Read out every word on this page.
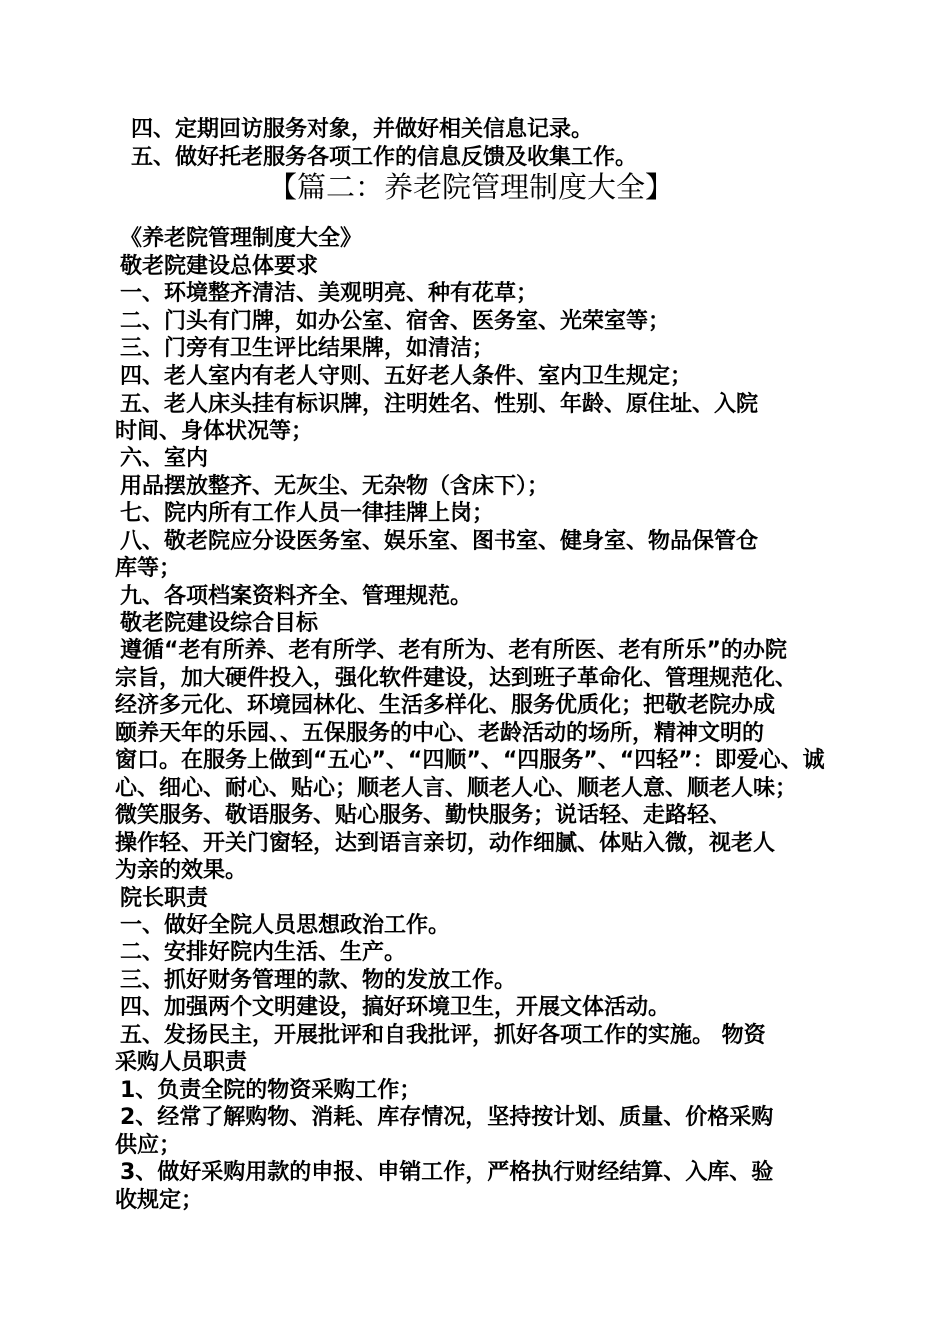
四、定期回访服务对象，并做好相关信息记录。
五、做好托老服务各项工作的信息反馈及收集工作。
【篇二：养老院管理制度大全】
《养老院管理制度大全》
敬老院建设总体要求
一、环境整齐清洁、美观明亮、种有花草；
二、门头有门牌，如办公室、宿舍、医务室、光荣室等；
三、门旁有卫生评比结果牌，如清洁；
四、老人室内有老人守则、五好老人条件、室内卫生规定；
五、老人床头挂有标识牌，注明姓名、性别、年龄、原住址、入院
时间、身体状况等；
六、室内
用品摆放整齐、无灰尘、无杂物（含床下）；
七、院内所有工作人员一律挂牌上岗；
八、敬老院应分设医务室、娱乐室、图书室、健身室、物品保管仓
库等；
九、各项档案资料齐全、管理规范。
敬老院建设综合目标
遵循“老有所养、老有所学、老有所为、老有所医、老有所乐”的办院
宗旨，加大硬件投入，强化软件建设，达到班子革命化、管理规范化、
经济多元化、环境园林化、生活多样化、服务优质化；把敬老院办成
颐养天年的乐园、、五保服务的中心、老龄活动的场所，精神文明的
窗口。在服务上做到“五心”、“四顺”、“四服务”、“四轻”：即爱心、诚
心、细心、耐心、贴心；顺老人言、顺老人心、顺老人意、顺老人味；
微笑服务、敬语服务、贴心服务、勤快服务；说话轻、走路轻、
操作轻、开关门窗轻，达到语言亲切，动作细腻、体贴入微，视老人
为亲的效果。
院长职责
一、做好全院人员思想政治工作。
二、安排好院内生活、生产。
三、抓好财务管理的款、物的发放工作。
四、加强两个文明建设，搞好环境卫生，开展文体活动。
五、发扬民主，开展批评和自我批评，抓好各项工作的实施。 物资
采购人员职责
1、负责全院的物资采购工作；
2、经常了解购物、消耗、库存情况，坚持按计划、质量、价格采购
供应；
3、做好采购用款的申报、申销工作，严格执行财经结算、入库、验
收规定；
